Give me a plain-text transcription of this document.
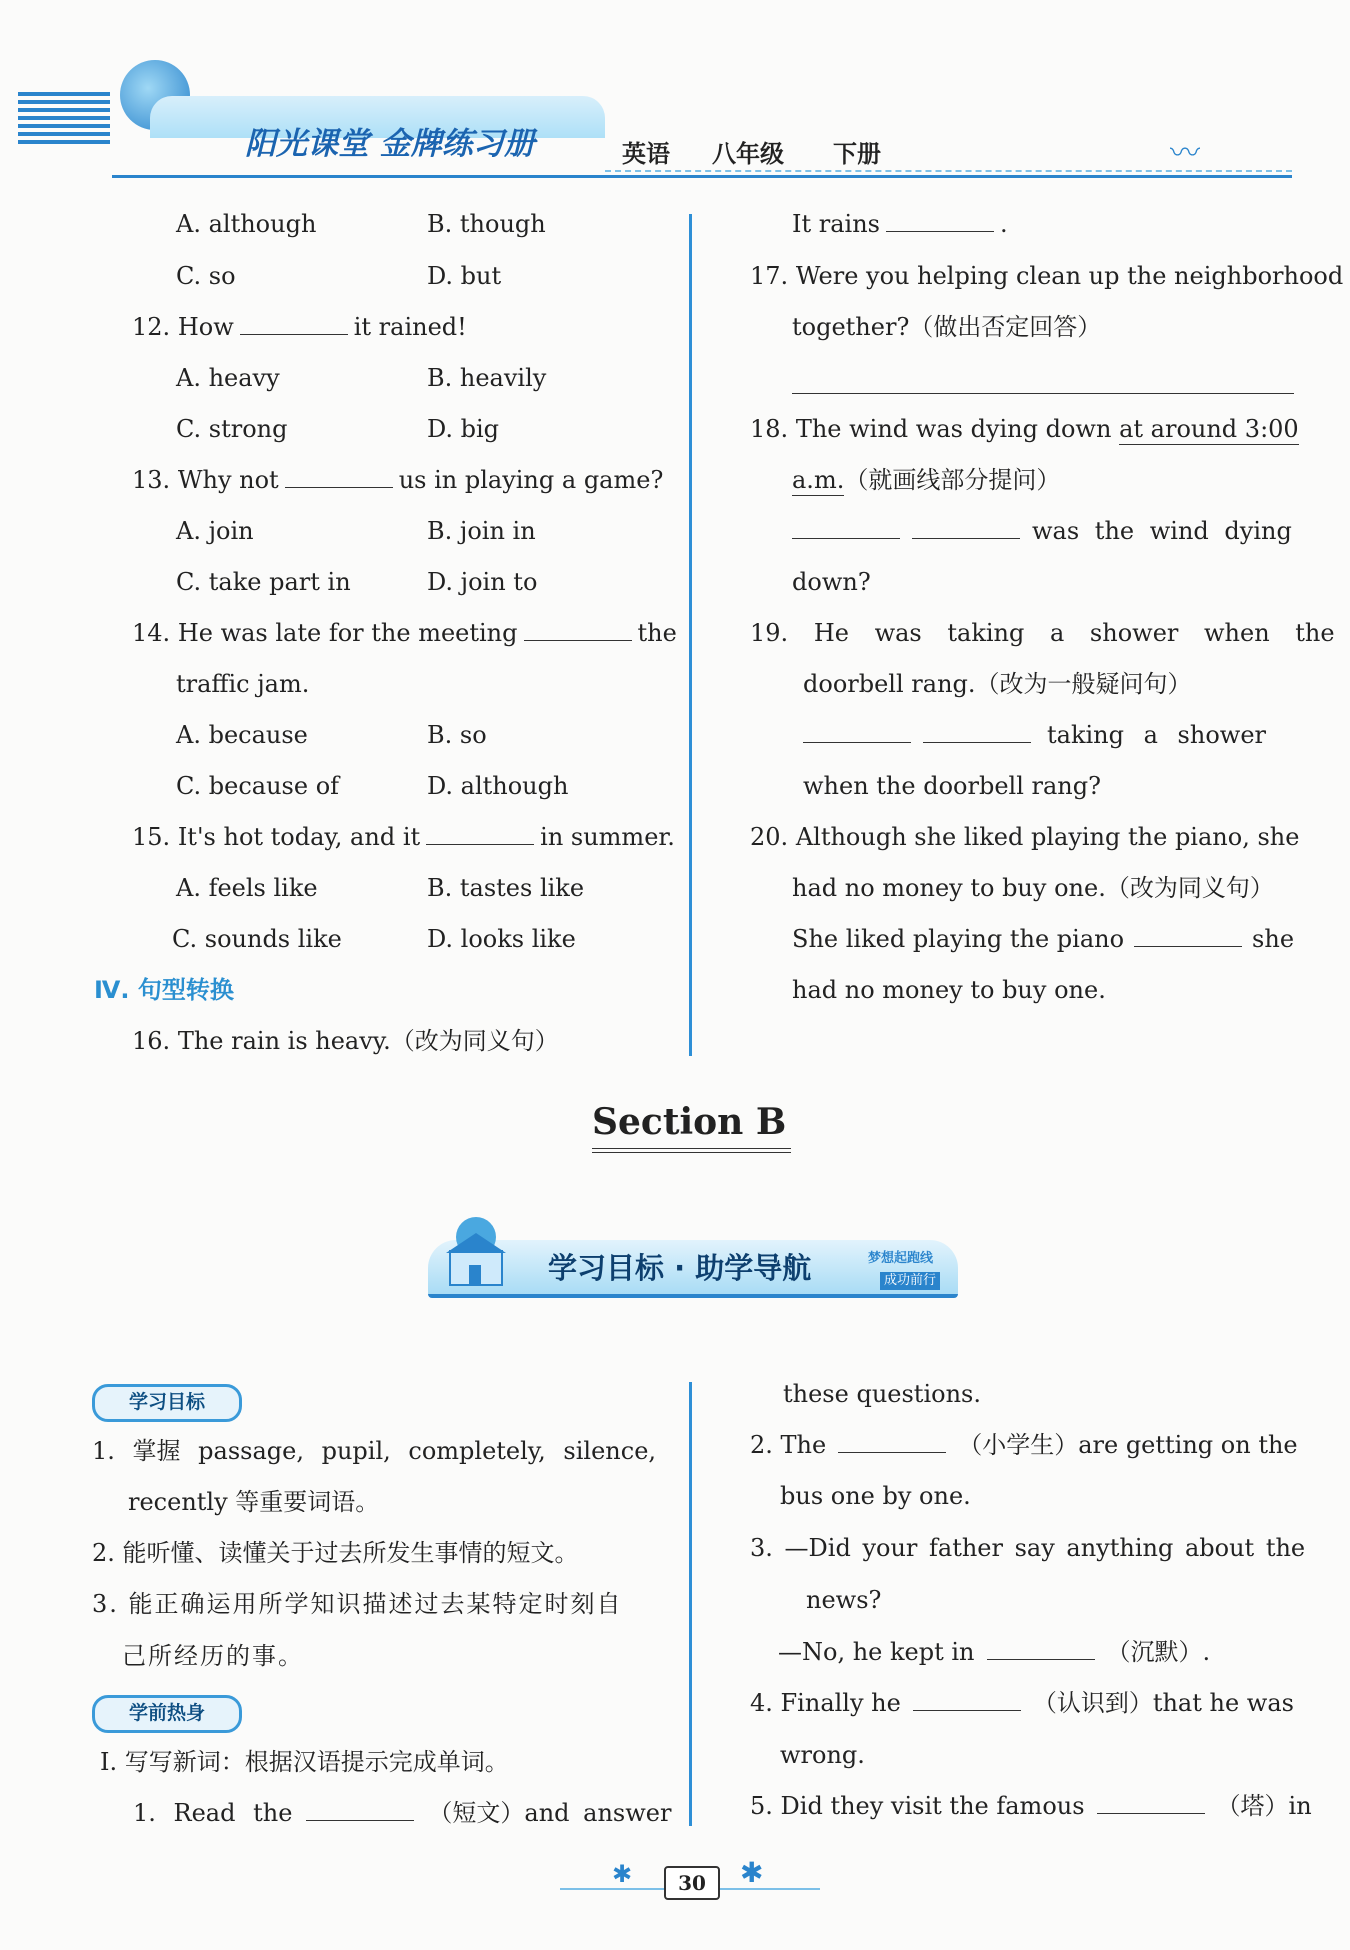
阳光课堂 金牌练习册	英语 八年级 下册	〰
A. although	B. though
C. so	D. but
12. How	it rained!
A. heavy	B. heavily
C. strong	D. big
13. Why not	us in playing a game?
A. join	B. join in
C. take part in	D. join to
14. He was late for the meeting	the
traffic jam.
A. because	B. so
C. because of	D. although
15. It's hot today, and it	in summer.
A. feels like	B. tastes like
C. sounds like	D. looks like
Ⅳ. 句型转换
16. The rain is heavy.（改为同义句）
It rains	.
17. Were you helping clean up the neighborhood
together?（做出否定回答）
18. The wind was dying down at around 3:00
a.m.（就画线部分提问）
was the wind dying
down?
19. He was taking a shower when the
doorbell rang.（改为一般疑问句）
taking a shower
when the doorbell rang?
20. Although she liked playing the piano, she
had no money to buy one.（改为同义句）
She liked playing the piano	she
had no money to buy one.
Section B
学习目标 · 助学导航	梦想起跑线
成功前行
学习目标
1. 掌握 passage, pupil, completely, silence,
recently 等重要词语。
2. 能听懂、读懂关于过去所发生事情的短文。
3. 能正确运用所学知识描述过去某特定时刻自
己所经历的事。
学前热身
Ⅰ. 写写新词：根据汉语提示完成单词。
1. Read the	（短文）and answer
these questions.
2. The	（小学生）are getting on the
bus one by one.
3. —Did your father say anything about the
news?
—No, he kept in	（沉默）.
4. Finally he	（认识到）that he was
wrong.
5. Did they visit the famous	（塔）in
✱	✱
30
